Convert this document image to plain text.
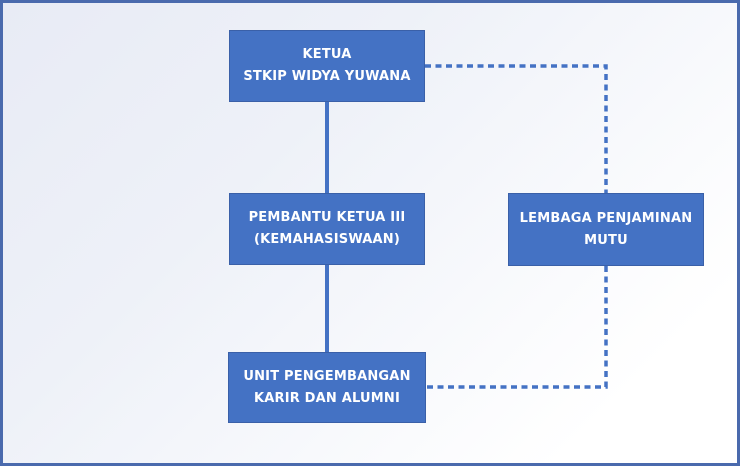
KETUA
STKIP WIDYA YUWANA
PEMBANTU KETUA III
(KEMAHASISWAAN)
UNIT PENGEMBANGAN
KARIR DAN ALUMNI
LEMBAGA PENJAMINAN
MUTU
